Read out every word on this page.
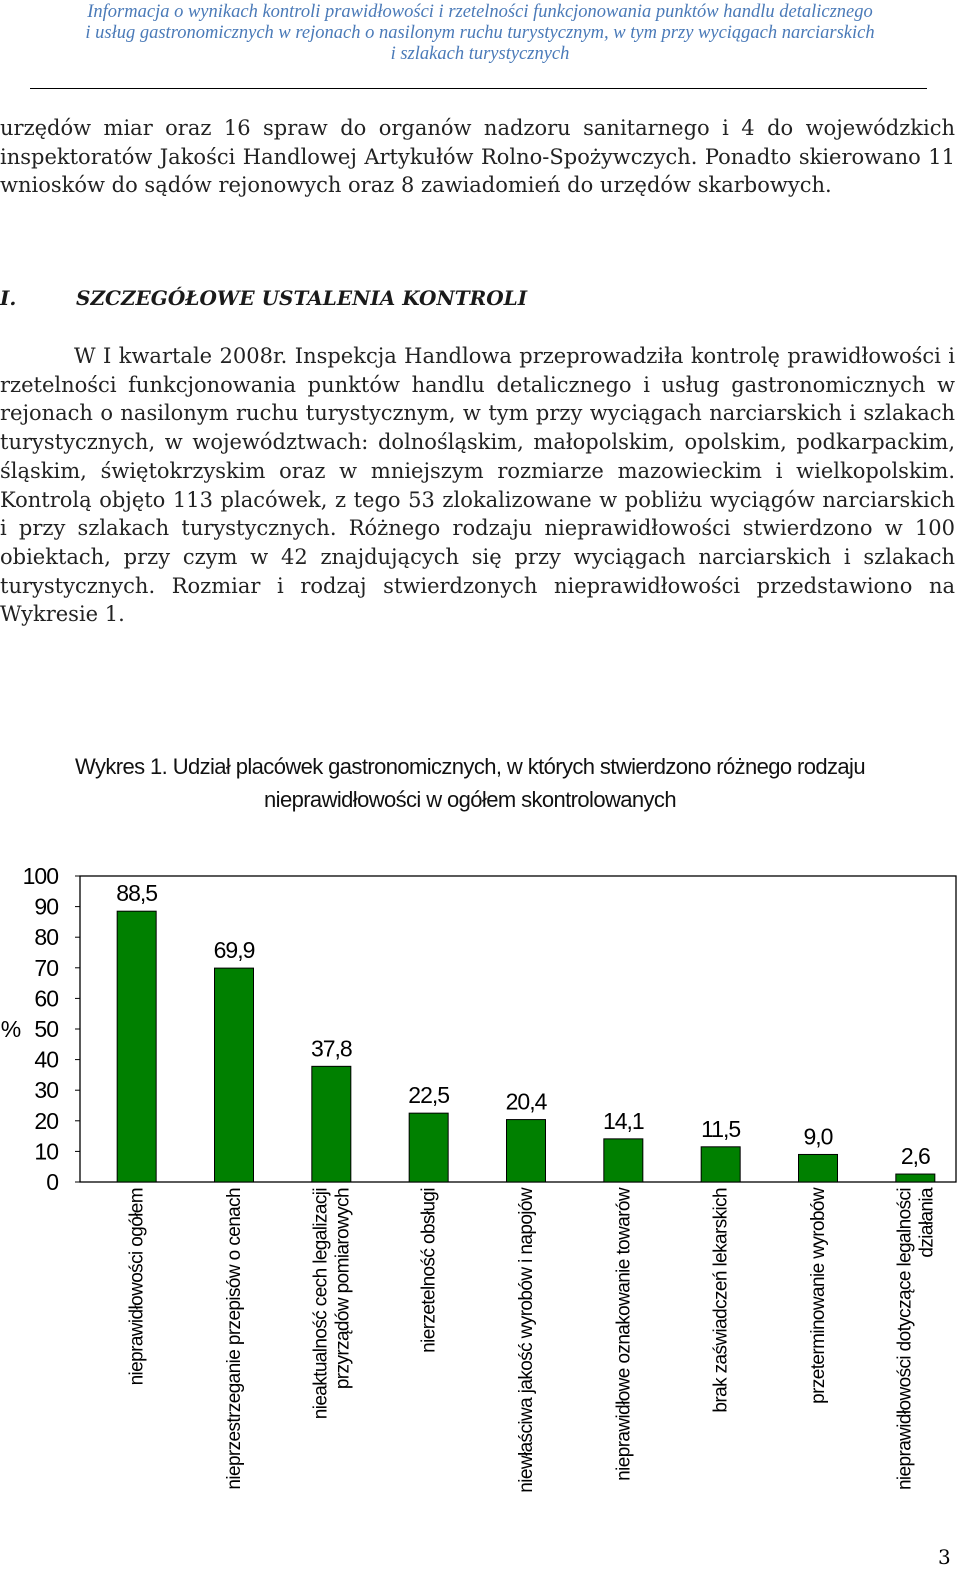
Informacja o wynikach kontroli prawidłowości i rzetelności funkcjonowania punktów handlu detalicznego
i usług gastronomicznych w rejonach o nasilonym ruchu turystycznym, w tym przy wyciągach narciarskich
i szlakach turystycznych

urzędów miar oraz 16 spraw do organów nadzoru sanitarnego i 4 do wojewódzkich inspektoratów Jakości Handlowej Artykułów Rolno-Spożywczych. Ponadto skierowano 11 wniosków do sądów rejonowych oraz 8 zawiadomień do urzędów skarbowych.

I.	SZCZEGÓŁOWE USTALENIA KONTROLI

W I kwartale 2008r. Inspekcja Handlowa przeprowadziła kontrolę prawidłowości i rzetelności funkcjonowania punktów handlu detalicznego i usług gastronomicznych w rejonach o nasilonym ruchu turystycznym, w tym przy wyciągach narciarskich i szlakach turystycznych, w województwach: dolnośląskim, małopolskim, opolskim, podkarpackim, śląskim, świętokrzyskim oraz w mniejszym rozmiarze mazowieckim i wielkopolskim. Kontrolą objęto 113 placówek, z tego 53 zlokalizowane w pobliżu wyciągów narciarskich i przy szlakach turystycznych. Różnego rodzaju nieprawidłowości stwierdzono w 100 obiektach, przy czym w 42 znajdujących się przy wyciągach narciarskich i szlakach turystycznych. Rozmiar i rodzaj stwierdzonych nieprawidłowości przedstawiono na Wykresie 1.

Wykres 1. Udział placówek gastronomicznych, w których stwierdzono różnego rodzaju
nieprawidłowości w ogółem skontrolowanych
0
10
20
30
40
50
60
70
80
90
100
%
88,5
nieprawidłowości ogółem
69,9
nieprzestrzeganie przepisów o cenach
37,8
nieaktualność cech legalizacjiprzyrządów pomiarowych
22,5
nierzetelność obsługi
20,4
niewłaściwa jakość wyrobów i napojów
14,1
nieprawidłowe oznakowanie towarów
11,5
brak zaświadczeń lekarskich
9,0
przeterminowanie wyrobów
2,6
nieprawidłowości dotyczące legalnościdziałania
3
